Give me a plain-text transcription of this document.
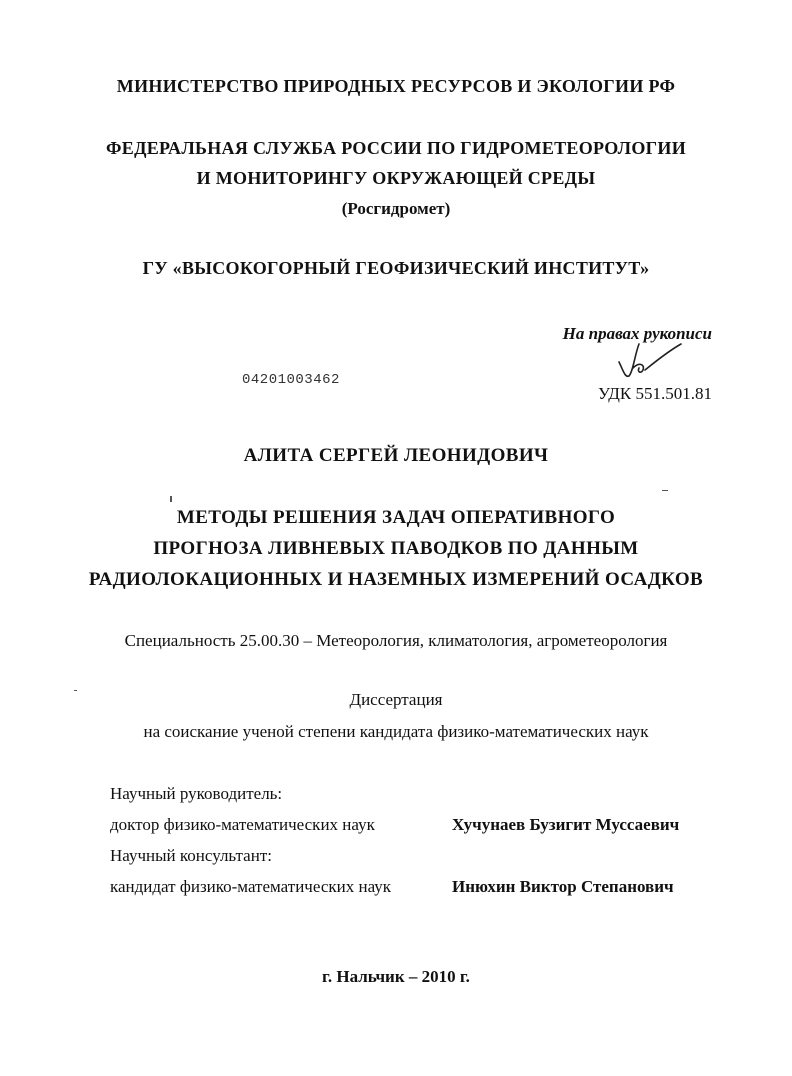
МИНИСТЕРСТВО ПРИРОДНЫХ РЕСУРСОВ И ЭКОЛОГИИ РФ
ФЕДЕРАЛЬНАЯ СЛУЖБА РОССИИ ПО ГИДРОМЕТЕОРОЛОГИИ
И МОНИТОРИНГУ ОКРУЖАЮЩЕЙ СРЕДЫ
(Росгидромет)
ГУ «ВЫСОКОГОРНЫЙ ГЕОФИЗИЧЕСКИЙ ИНСТИТУТ»
На правах рукописи
04201003462
УДК 551.501.81
АЛИТА СЕРГЕЙ ЛЕОНИДОВИЧ
МЕТОДЫ РЕШЕНИЯ ЗАДАЧ ОПЕРАТИВНОГО
ПРОГНОЗА ЛИВНЕВЫХ ПАВОДКОВ ПО ДАННЫМ
РАДИОЛОКАЦИОННЫХ И НАЗЕМНЫХ ИЗМЕРЕНИЙ ОСАДКОВ
Специальность 25.00.30 – Метеорология, климатология, агрометеорология
Диссертация
на соискание ученой степени кандидата физико-математических наук
Научный руководитель:
доктор физико-математических наук	Хучунаев Бузигит Муссаевич
Научный консультант:
кандидат физико-математических наук	Инюхин Виктор Степанович
г. Нальчик – 2010 г.
